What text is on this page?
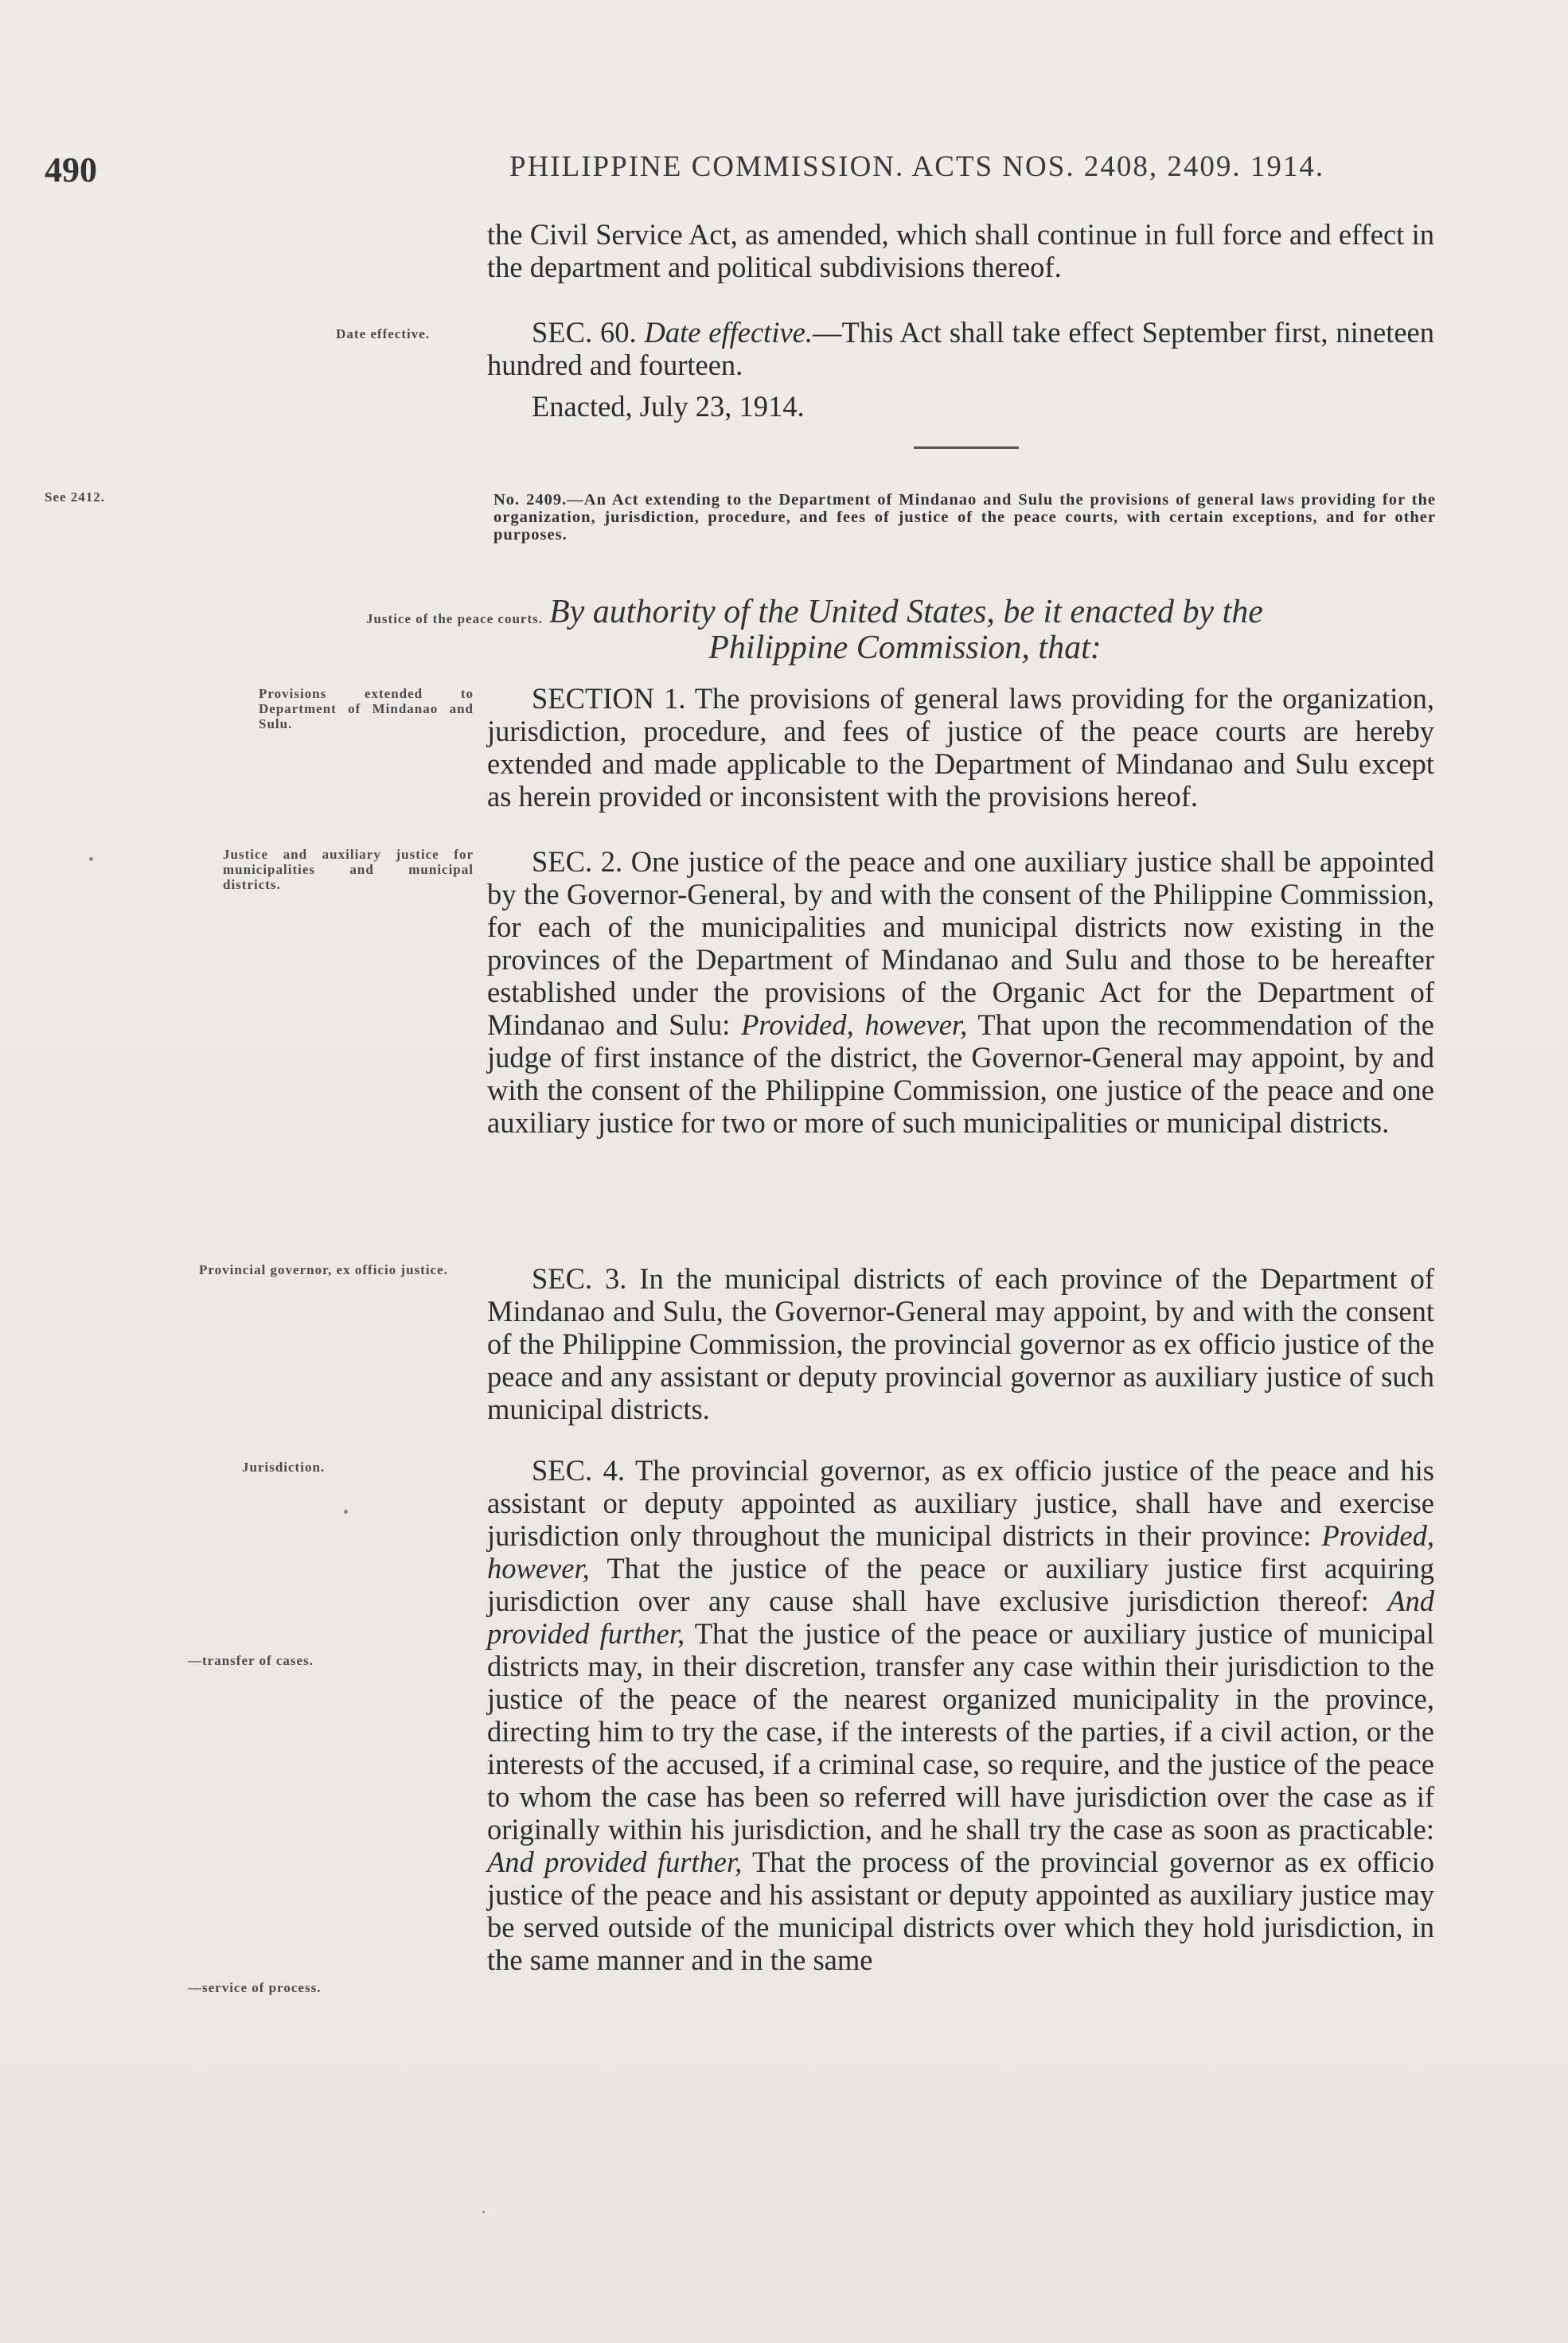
490	PHILIPPINE COMMISSION. ACTS NOS. 2408, 2409. 1914.
the Civil Service Act, as amended, which shall continue in full force and effect in the department and political subdivisions thereof.
Date effective.	SEC. 60. Date effective.—This Act shall take effect September first, nineteen hundred and fourteen.
Enacted, July 23, 1914.
See 2412.	No. 2409.—An Act extending to the Department of Mindanao and Sulu the provisions of general laws providing for the organization, jurisdiction, procedure, and fees of justice of the peace courts, with certain exceptions, and for other purposes.
Justice of the peace courts. By authority of the United States, be it enacted by the
Philippine Commission, that:
Provisions extended to Department of Mindanao and Sulu.
SECTION 1. The provisions of general laws providing for the organization, jurisdiction, procedure, and fees of justice of the peace courts are hereby extended and made applicable to the Department of Mindanao and Sulu except as herein provided or inconsistent with the provisions hereof.
Justice and auxiliary justice for municipalities and municipal districts.
SEC. 2. One justice of the peace and one auxiliary justice shall be appointed by the Governor-General, by and with the consent of the Philippine Commission, for each of the municipalities and municipal districts now existing in the provinces of the Department of Mindanao and Sulu and those to be hereafter established under the provisions of the Organic Act for the Department of Mindanao and Sulu: Provided, however, That upon the recommendation of the judge of first instance of the district, the Governor-General may appoint, by and with the consent of the Philippine Commission, one justice of the peace and one auxiliary justice for two or more of such municipalities or municipal districts.
Provincial governor, ex officio justice.	SEC. 3. In the municipal districts of each province of the Department of Mindanao and Sulu, the Governor-General may appoint, by and with the consent of the Philippine Commission, the provincial governor as ex officio justice of the peace and any assistant or deputy provincial governor as auxiliary justice of such municipal districts.
Jurisdiction.	SEC. 4. The provincial governor, as ex officio justice of the peace and his assistant or deputy appointed as auxiliary justice, shall have and exercise jurisdiction only throughout the municipal districts in their province: Provided, however, That the justice of the peace or auxiliary justice first acquiring jurisdiction over any cause shall have exclusive jurisdiction thereof: And provided further, That the justice of the peace or auxiliary justice of municipal districts may, in their discretion, transfer any case within their jurisdiction to the justice of the peace of the nearest organized municipality in the province, directing him to try the case, if the interests of the parties, if a civil action, or the interests of the accused, if a criminal case, so require, and the justice of the peace to whom the case has been so referred will have jurisdiction over the case as if originally within his jurisdiction, and he shall try the case as soon as practicable: And provided further, That the process of the provincial governor as ex officio justice of the peace and his assistant or deputy appointed as auxiliary justice may be served outside of the municipal districts over which they hold jurisdiction, in the same manner and in the same
—transfer of cases.
—service of process.
